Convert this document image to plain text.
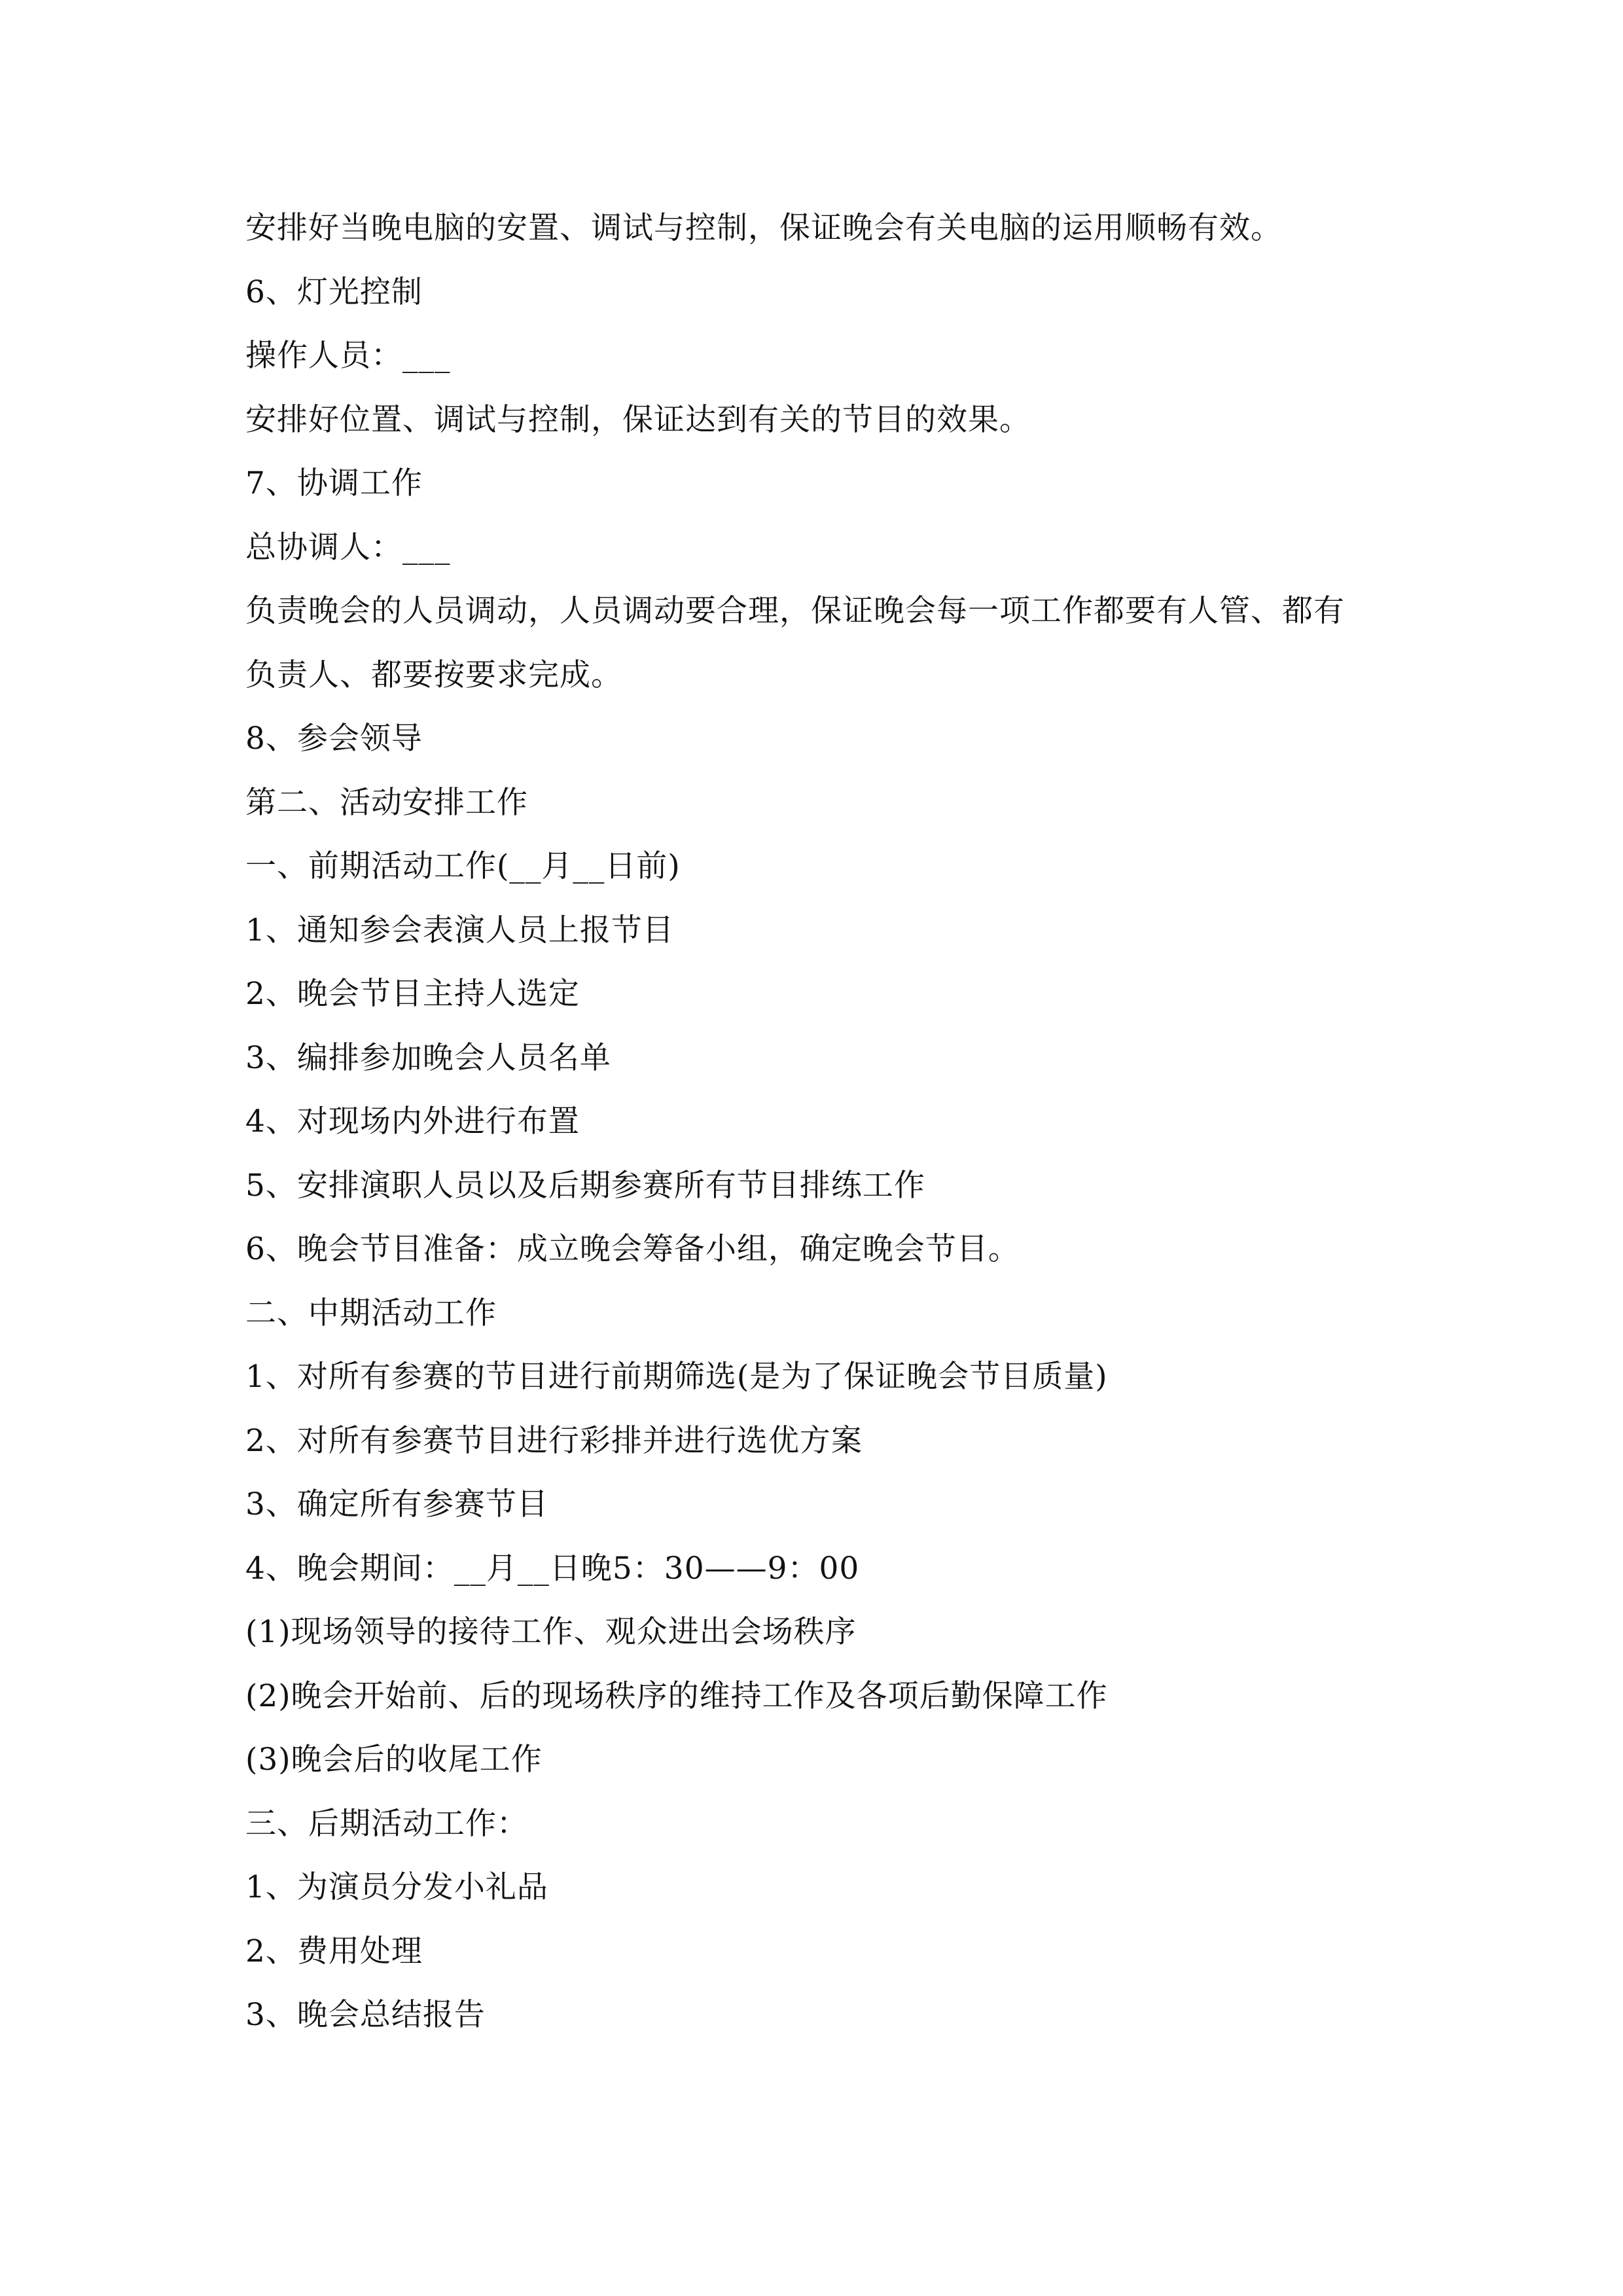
安排好当晚电脑的安置、调试与控制，保证晚会有关电脑的运用顺畅有效。
6、灯光控制
操作人员：___
安排好位置、调试与控制，保证达到有关的节目的效果。
7、协调工作
总协调人：___
负责晚会的人员调动，人员调动要合理，保证晚会每一项工作都要有人管、都有
负责人、都要按要求完成。
8、参会领导
第二、活动安排工作
一、前期活动工作(__月__日前)
1、通知参会表演人员上报节目
2、晚会节目主持人选定
3、编排参加晚会人员名单
4、对现场内外进行布置
5、安排演职人员以及后期参赛所有节目排练工作
6、晚会节目准备：成立晚会筹备小组，确定晚会节目。
二、中期活动工作
1、对所有参赛的节目进行前期筛选(是为了保证晚会节目质量)
2、对所有参赛节目进行彩排并进行选优方案
3、确定所有参赛节目
4、晚会期间：__月__日晚5：30——9：00
(1)现场领导的接待工作、观众进出会场秩序
(2)晚会开始前、后的现场秩序的维持工作及各项后勤保障工作
(3)晚会后的收尾工作
三、后期活动工作：
1、为演员分发小礼品
2、费用处理
3、晚会总结报告
